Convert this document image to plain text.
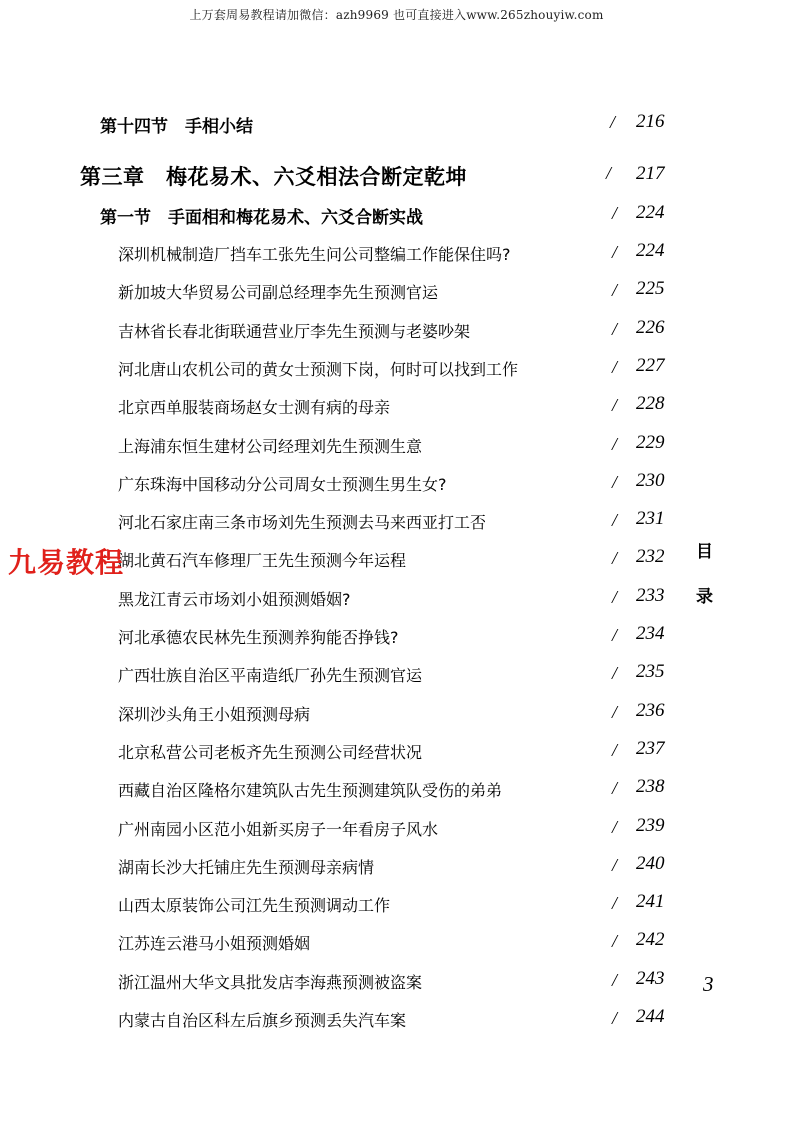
上万套周易教程请加微信：azh9969 也可直接进入www.265zhouyiw.com
第十四节　手相小结	/ 216
第三章　梅花易术、六爻相法合断定乾坤	/ 217
第一节　手面相和梅花易术、六爻合断实战	/ 224
深圳机械制造厂挡车工张先生问公司整编工作能保住吗?	/ 224
新加坡大华贸易公司副总经理李先生预测官运	/ 225
吉林省长春北街联通营业厅李先生预测与老婆吵架	/ 226
河北唐山农机公司的黄女士预测下岗，何时可以找到工作	/ 227
北京西单服装商场赵女士测有病的母亲	/ 228
上海浦东恒生建材公司经理刘先生预测生意	/ 229
广东珠海中国移动分公司周女士预测生男生女?	/ 230
河北石家庄南三条市场刘先生预测去马来西亚打工否	/ 231
湖北黄石汽车修理厂王先生预测今年运程	/ 232
黑龙江青云市场刘小姐预测婚姻?	/ 233
河北承德农民林先生预测养狗能否挣钱?	/ 234
广西壮族自治区平南造纸厂孙先生预测官运	/ 235
深圳沙头角王小姐预测母病	/ 236
北京私营公司老板齐先生预测公司经营状况	/ 237
西藏自治区隆格尔建筑队古先生预测建筑队受伤的弟弟	/ 238
广州南园小区范小姐新买房子一年看房子风水	/ 239
湖南长沙大托铺庄先生预测母亲病情	/ 240
山西太原装饰公司江先生预测调动工作	/ 241
江苏连云港马小姐预测婚姻	/ 242
浙江温州大华文具批发店李海燕预测被盗案	/ 243
内蒙古自治区科左后旗乡预测丢失汽车案	/ 244
九易教程	目
录
3
